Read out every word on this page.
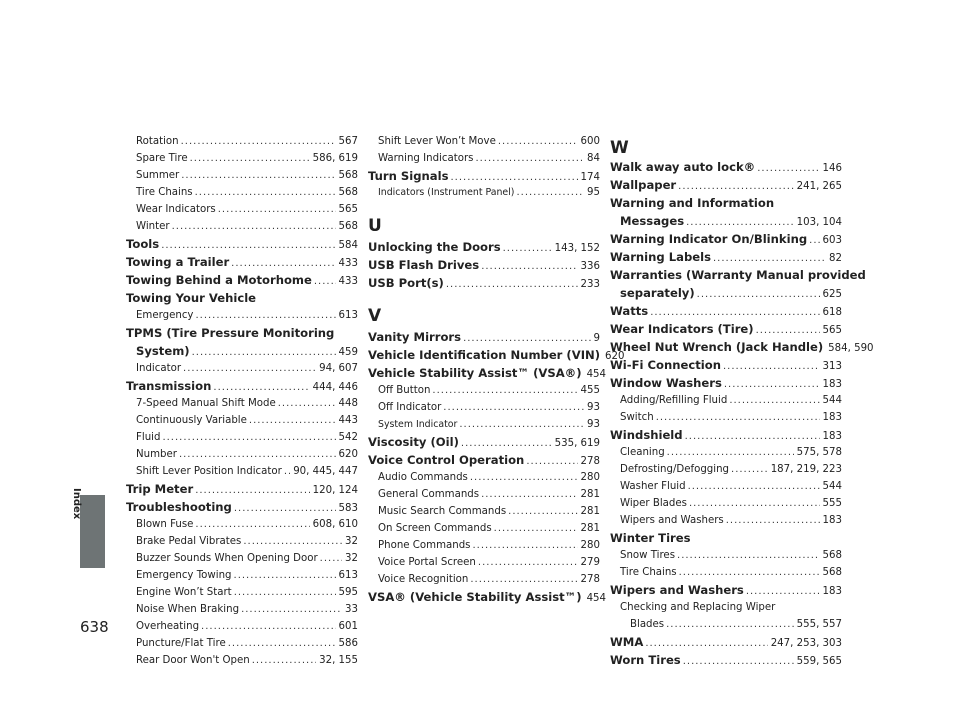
Index
638
Rotation .....	567
Spare Tire .....	586, 619
Summer .....	568
Tire Chains .....	568
Wear Indicators .....	565
Winter .....	568
Tools .....	584
Towing a Trailer .....	433
Towing Behind a Motorhome .....	433
Towing Your Vehicle
Emergency .....	613
TPMS (Tire Pressure Monitoring
System) .....	459
Indicator .....	94, 607
Transmission .....	444, 446
7-Speed Manual Shift Mode .....	448
Continuously Variable .....	443
Fluid .....	542
Number .....	620
Shift Lever Position Indicator ..... 90, 445, 447
Trip Meter .....	120, 124
Troubleshooting .....	583
Blown Fuse .....	608, 610
Brake Pedal Vibrates .....	32
Buzzer Sounds When Opening Door .....	32
Emergency Towing .....	613
Engine Won’t Start .....	595
Noise When Braking .....	33
Overheating .....	601
Puncture/Flat Tire .....	586
Rear Door Won't Open .....	32, 155
Shift Lever Won’t Move .....	600
Warning Indicators .....	84
Turn Signals .....	174
Indicators (Instrument Panel) .....	95
U
Unlocking the Doors .....	143, 152
USB Flash Drives .....	336
USB Port(s) .....	233
V
Vanity Mirrors .....	9
Vehicle Identification Number (VIN) 620
Vehicle Stability Assist™ (VSA®) 454
Off Button .....	455
Off Indicator .....	93
System Indicator .....	93
Viscosity (Oil) .....	535, 619
Voice Control Operation .....	278
Audio Commands .....	280
General Commands .....	281
Music Search Commands .....	281
On Screen Commands .....	281
Phone Commands .....	280
Voice Portal Screen .....	279
Voice Recognition .....	278
VSA® (Vehicle Stability Assist™) 454
W
Walk away auto lock® .....	146
Wallpaper .....	241, 265
Warning and Information
Messages .....	103, 104
Warning Indicator On/Blinking ..... 603
Warning Labels .....	82
Warranties (Warranty Manual provided
separately) .....	625
Watts .....	618
Wear Indicators (Tire) .....	565
Wheel Nut Wrench (Jack Handle) 584, 590
Wi-Fi Connection .....	313
Window Washers .....	183
Adding/Refilling Fluid .....	544
Switch .....	183
Windshield .....	183
Cleaning .....	575, 578
Defrosting/Defogging .....	187, 219, 223
Washer Fluid .....	544
Wiper Blades .....	555
Wipers and Washers .....	183
Winter Tires
Snow Tires .....	568
Tire Chains .....	568
Wipers and Washers .....	183
Checking and Replacing Wiper
Blades .....	555, 557
WMA .....	247, 253, 303
Worn Tires .....	559, 565
